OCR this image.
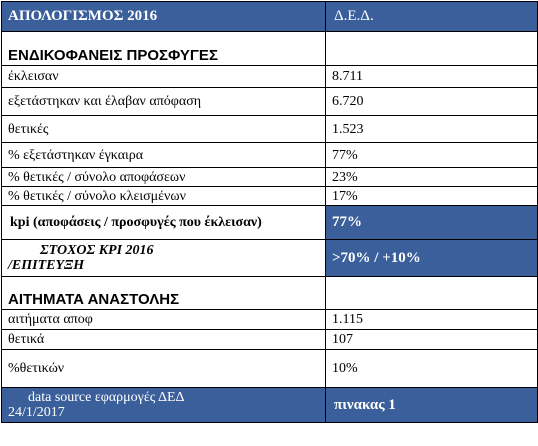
ΑΠΟΛΟΓΙΣΜΟΣ 2016	Δ.Ε.Δ.
ΕΝΔΙΚΟΦΑΝΕΙΣ ΠΡΟΣΦΥΓΕΣ	
έκλεισαν	8.711
εξετάστηκαν και έλαβαν απόφαση	6.720
θετικές	1.523
% εξετάστηκαν έγκαιρα	77%
% θετικές / σύνολο αποφάσεων	23%
% θετικές / σύνολο κλεισμένων	17%
kpi (αποφάσεις / προσφυγές που έκλεισαν)	77%

ΣΤΟΧΟΣ KPI 2016
/ΕΠΙΤΕΥΞΗ	>70% / +10%
ΑΙΤΗΜΑΤΑ ΑΝΑΣΤΟΛΗΣ	
αιτήματα αποφ	1.115
θετικά	107
%θετικών	10%

data source εφαρμογές ΔΕΔ
24/1/2017	πινακας 1
